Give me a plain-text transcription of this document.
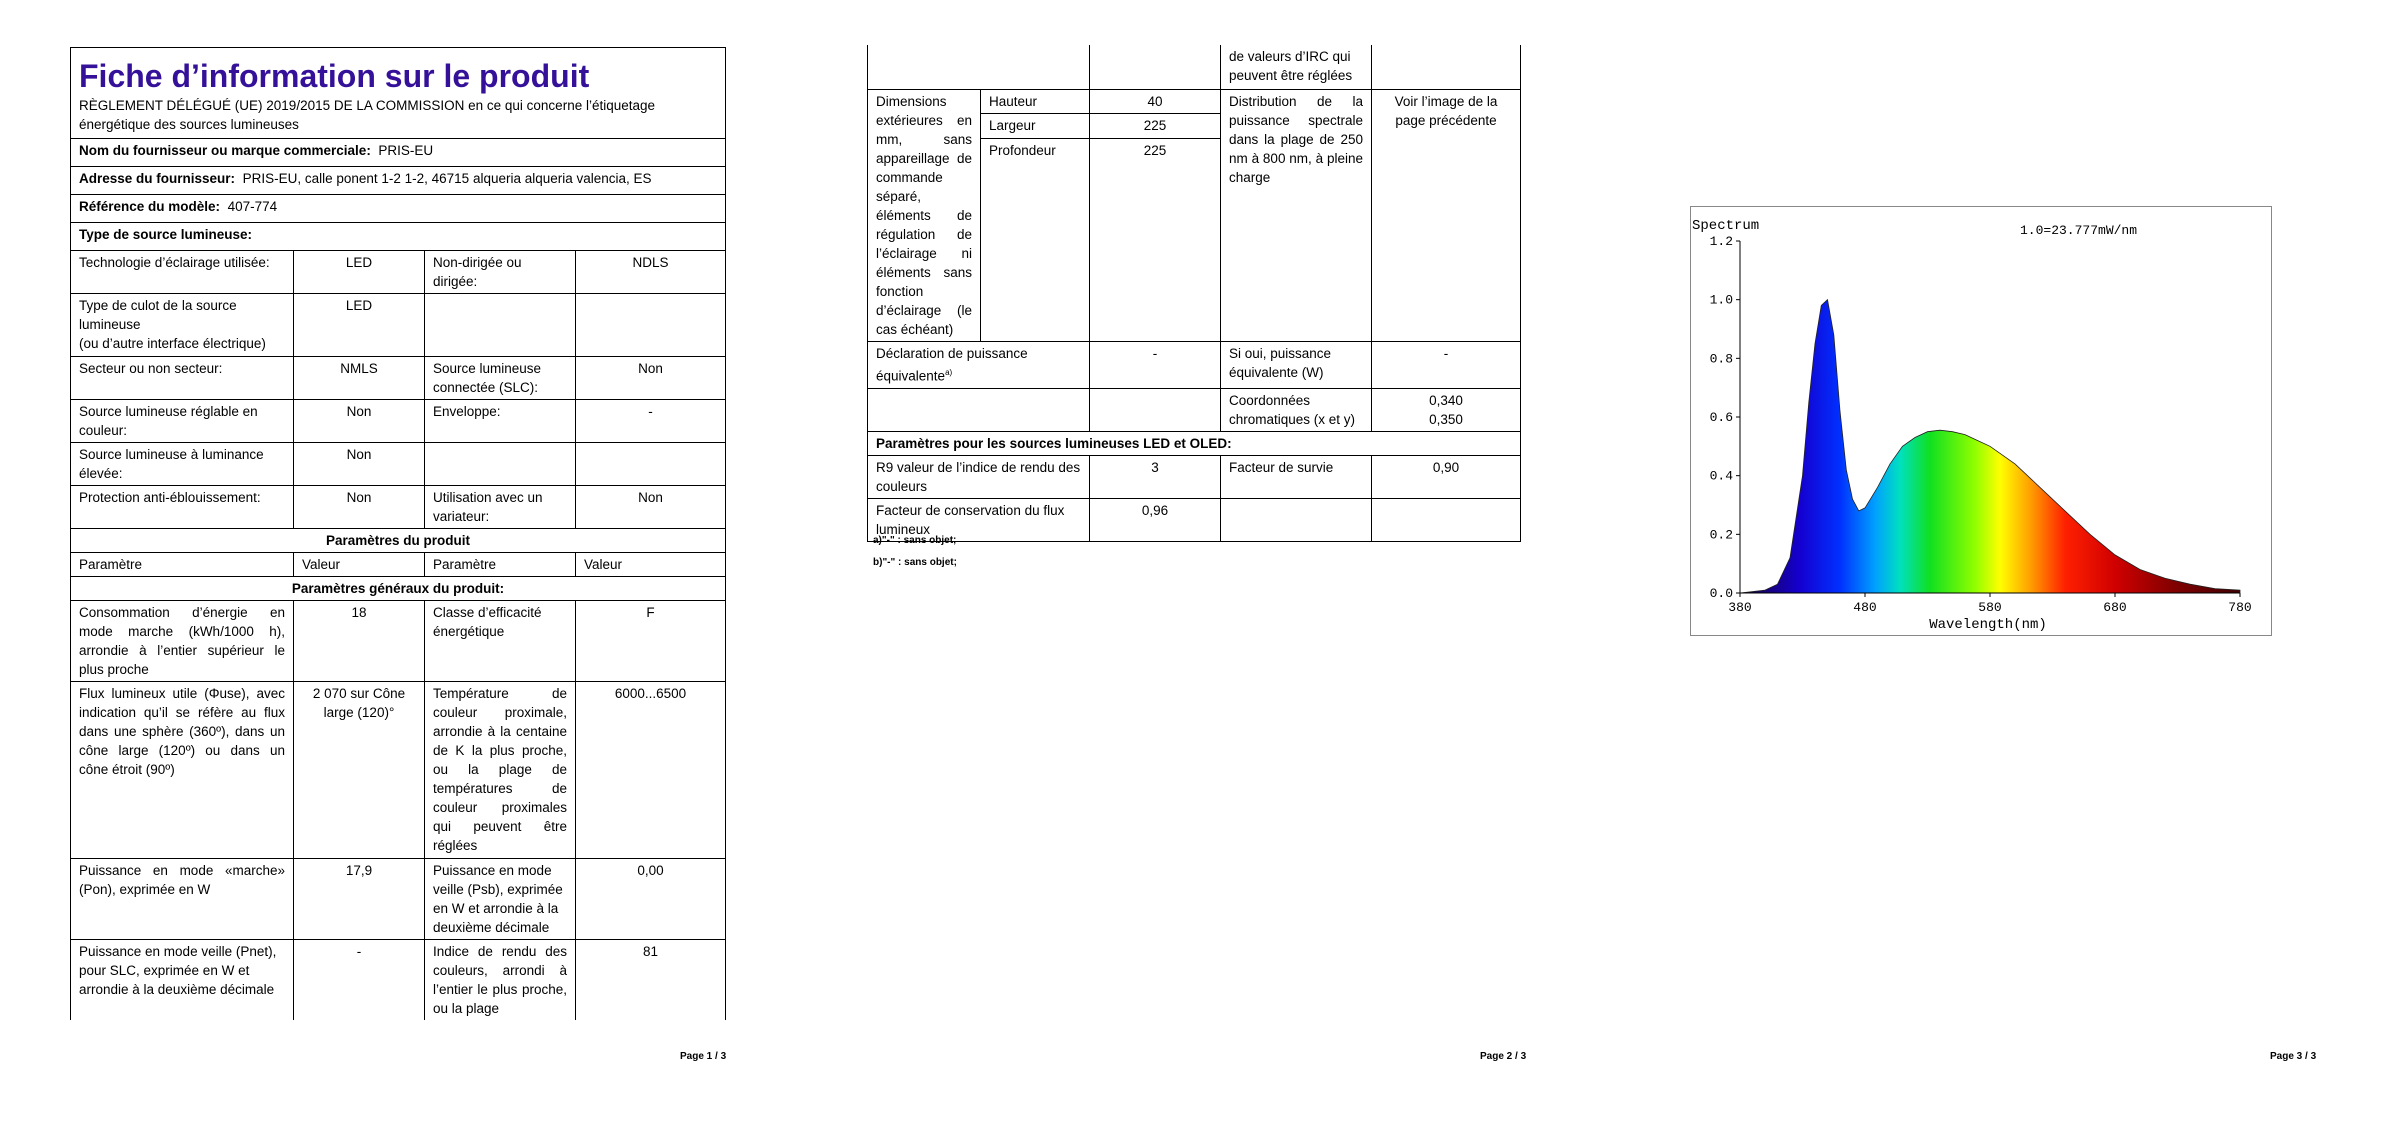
Fiche d’information sur le produit
RÈGLEMENT DÉLÉGUÉ (UE) 2019/2015 DE LA COMMISSION en ce qui concerne l’étiquetage énergétique des sources lumineuses			

Nom du fournisseur ou marque commerciale: PRIS-EU			
Adresse du fournisseur: PRIS-EU, calle ponent 1-2 1-2, 46715 alqueria alqueria valencia, ES			
Référence du modèle: 407-774			
Type de source lumineuse:			
Technologie d’éclairage utilisée:	LED	Non-dirigée ou dirigée:	NDLS

Type de culot de la source lumineuse
(ou d’autre interface électrique)	LED		
Secteur ou non secteur:	NMLS	Source lumineuse connectée (SLC):	Non
Source lumineuse réglable en couleur:	Non	Enveloppe:	-
Source lumineuse à luminance élevée:	Non		
Protection anti-éblouissement:	Non	Utilisation avec un variateur:	Non
Paramètres du produit			
Paramètre	Valeur	Paramètre	Valeur
Paramètres généraux du produit:			
Consommation d’énergie en mode marche (kWh/1000 h), arrondie à l’entier supérieur le plus proche	18	Classe d’efficacité énergétique	F
Flux lumineux utile (Φuse), avec indication qu’il se réfère au flux dans une sphère (360º), dans un cône large (120º) ou dans un cône étroit (90º)	2 070 sur Cône large (120)°	Température de couleur proximale, arrondie à la centaine de K la plus proche, ou la plage de températures de couleur proximales qui peuvent être réglées	6000...6500
Puissance en mode «marche» (Pon), exprimée en W	17,9	Puissance en mode veille (Psb), exprimée en W et arrondie à la deuxième décimale	0,00
Puissance en mode veille (Pnet), pour SLC, exprimée en W et arrondie à la deuxième décimale	-	Indice de rendu des couleurs, arrondi à l’entier le plus proche, ou la plage	81
Page 1 / 3
			de valeurs d’IRC qui peuvent être réglées	
Dimensions extérieures en mm, sans appareillage de commande séparé, éléments de régulation de l’éclairage ni éléments sans fonction d’éclairage (le cas échéant)	Hauteur	40	Distribution de la puissance spectrale dans la plage de 250 nm à 800 nm, à pleine charge	Voir l’image de la page précédente
	Largeur	225		
	Profondeur	225		
Déclaration de puissance équivalente$^{a)}$		-	Si oui, puissance équivalente (W)	-
			Coordonnées chromatiques (x et y)	0,340
0,350

Paramètres pour les sources lumineuses LED et OLED:				
R9 valeur de l’indice de rendu des couleurs		3	Facteur de survie	0,90
Facteur de conservation du flux lumineux		0,96		
a)"-" : sans objet;
b)"-" : sans objet;
Page 2 / 3
Spectrum	1.0=23.777mW/nm
0.0
0.2
0.4
0.6
0.8
1.0
1.2
380	480	580	680	780
Wavelength(nm)
Page 3 / 3
